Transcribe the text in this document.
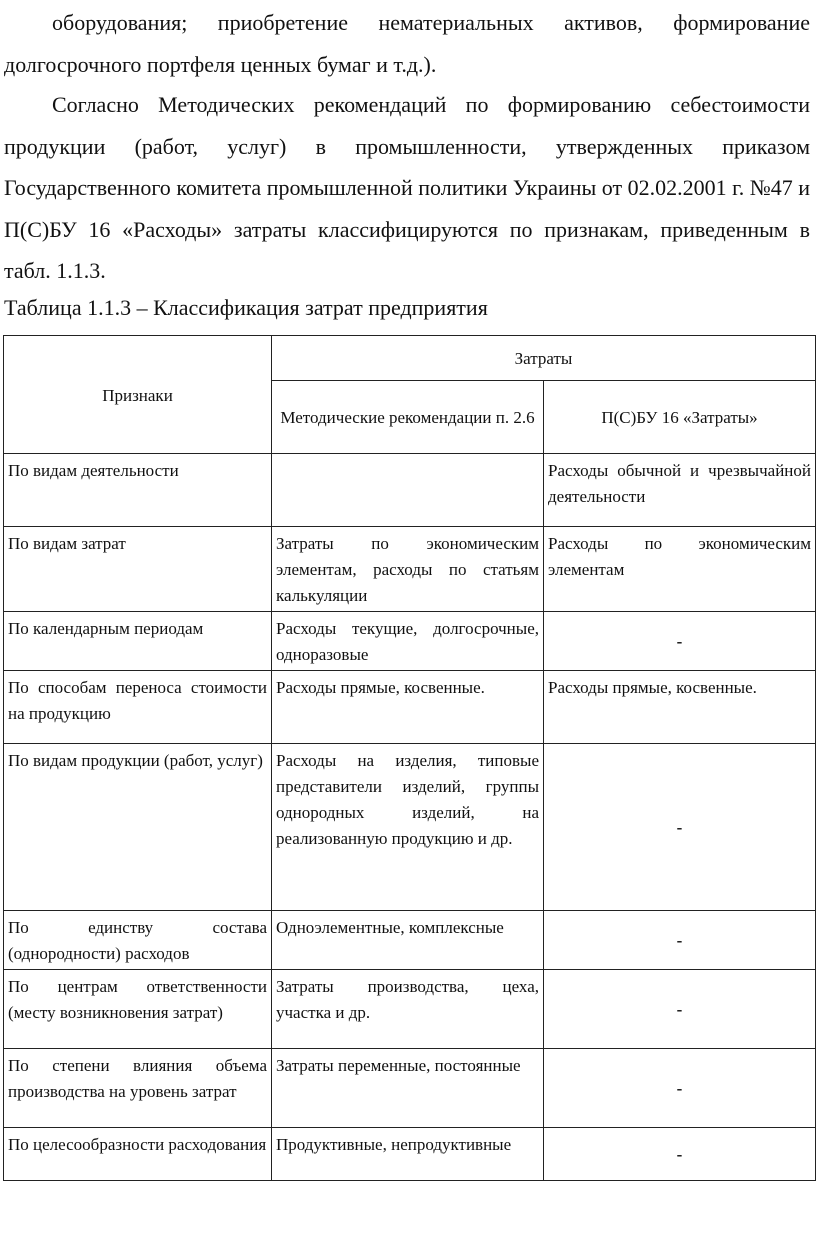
оборудования; приобретение нематериальных активов, формирование долгосрочного портфеля ценных бумаг и т.д.).

Согласно Методических рекомендаций по формированию себестоимости продукции (работ, услуг) в промышленности, утвержденных приказом Государственного комитета промышленной политики Украины от 02.02.2001 г. №47 и П(С)БУ 16 «Расходы» затраты классифицируются по признакам, приведенным в табл. 1.1.3.

Таблица 1.1.3 – Классификация затрат предприятия

Признаки	Затраты	
	Методические рекомендации п. 2.6	П(С)БУ 16 «Затраты»
По видам деятельности		Расходы обычной и чрезвычайной деятельности
По видам затрат	Затраты по экономическим элементам, расходы по статьям калькуляции	Расходы по экономическим элементам
По календарным периодам	Расходы текущие, долгосрочные, одноразовые	-
По способам переноса стоимости на продукцию	Расходы прямые, косвенные.	Расходы прямые, косвенные.
По видам продукции (работ, услуг)	Расходы на изделия, типовые представители изделий, группы однородных изделий, на реализованную продукцию и др.	-
По единству состава (однородности) расходов	Одноэлементные, комплексные	-
По центрам ответственности (месту возникновения затрат)	Затраты производства, цеха, участка и др.	-
По степени влияния объема производства на уровень затрат	Затраты переменные, постоянные	-
По целесообразности расходования	Продуктивные, непродуктивные	-
